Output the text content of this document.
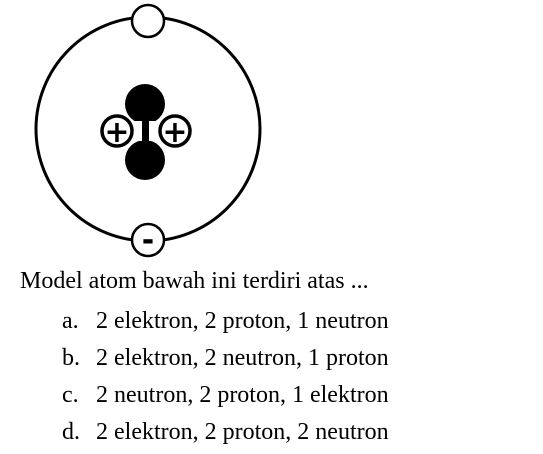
+ +
-
Model atom bawah ini terdiri atas ...
a. 2 elektron, 2 proton, 1 neutron
b. 2 elektron, 2 neutron, 1 proton
c. 2 neutron, 2 proton, 1 elektron
d. 2 elektron, 2 proton, 2 neutron
